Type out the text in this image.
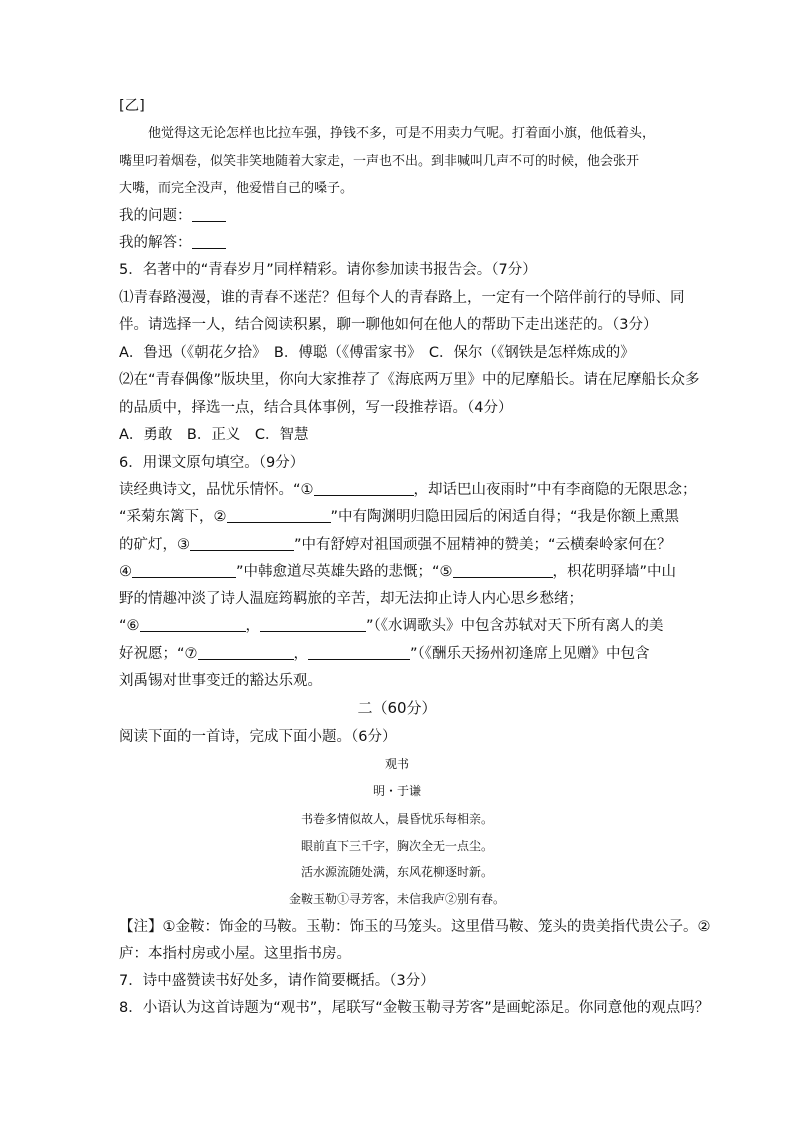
[乙]
他觉得这无论怎样也比拉车强，挣钱不多，可是不用卖力气呢。打着面小旗，他低着头，
嘴里叼着烟卷，似笑非笑地随着大家走，一声也不出。到非喊叫几声不可的时候，他会张开
大嘴，而完全没声，他爱惜自己的嗓子。
我的问题：
我的解答：
5．名著中的“青春岁月”同样精彩。请你参加读书报告会。（7分）
⑴青春路漫漫，谁的青春不迷茫？但每个人的青春路上，一定有一个陪伴前行的导师、同
伴。请选择一人，结合阅读积累，聊一聊他如何在他人的帮助下走出迷茫的。（3分）
A．鲁迅（《朝花夕拾》　B．傅聪（《傅雷家书》　C．保尔（《钢铁是怎样炼成的》
⑵在“青春偶像”版块里，你向大家推荐了《海底两万里》中的尼摩船长。请在尼摩船长众多
的品质中，择选一点，结合具体事例，写一段推荐语。（4分）
A．勇敢　B．正义　C．智慧
6．用课文原句填空。（9分）
读经典诗文，品忧乐情怀。“①	，却话巴山夜雨时”中有李商隐的无限思念；
“采菊东篱下，②	”中有陶渊明归隐田园后的闲适自得；“我是你额上熏黑
的矿灯，③	”中有舒婷对祖国顽强不屈精神的赞美；“云横秦岭家何在？
④	”中韩愈道尽英雄失路的悲慨；“⑤	，枳花明驿墙”中山
野的情趣冲淡了诗人温庭筠羁旅的辛苦，却无法抑止诗人内心思乡愁绪；
“⑥	，	”（《水调歌头》中包含苏轼对天下所有离人的美
好祝愿；“⑦	，	”（《酬乐天扬州初逢席上见赠》中包含
刘禹锡对世事变迁的豁达乐观。
二（60分）
阅读下面的一首诗，完成下面小题。（6分）
观书
明・于谦
书卷多情似故人，晨昏忧乐每相亲。
眼前直下三千字，胸次全无一点尘。
活水源流随处满，东风花柳逐时新。
金鞍玉勒①寻芳客，未信我庐②别有春。
【注】①金鞍：饰金的马鞍。玉勒：饰玉的马笼头。这里借马鞍、笼头的贵美指代贵公子。②
庐：本指村房或小屋。这里指书房。
7．诗中盛赞读书好处多，请作简要概括。（3分）
8．小语认为这首诗题为“观书”，尾联写“金鞍玉勒寻芳客”是画蛇添足。你同意他的观点吗？
